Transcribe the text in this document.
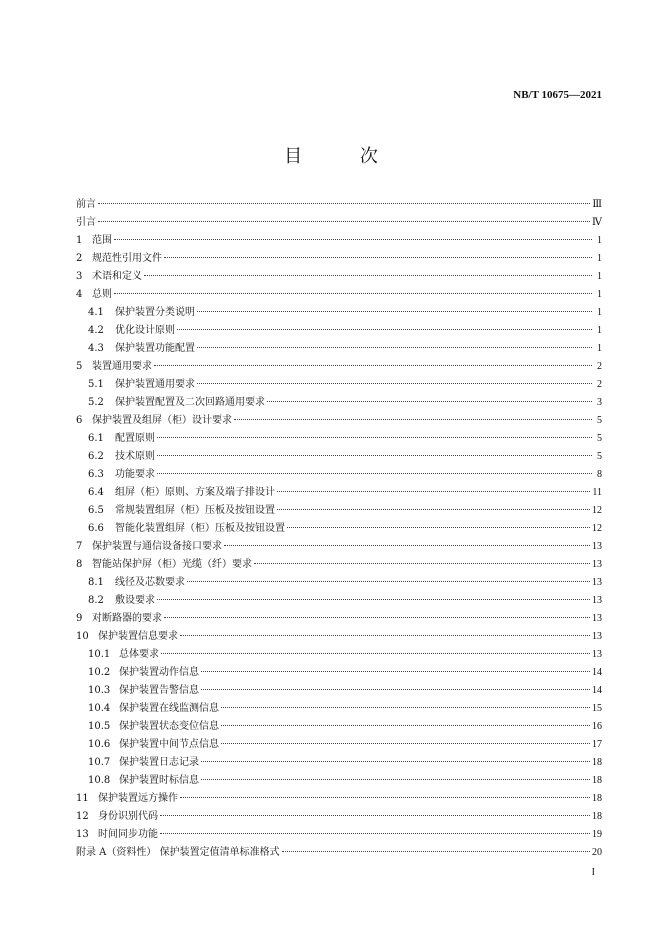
NB/T 10675—2021
目 次
前言	Ⅲ
引言	Ⅳ
1 范围	1
2 规范性引用文件	1
3 术语和定义	1
4 总则	1
4.1	保护装置分类说明	1
4.2	优化设计原则	1
4.3	保护装置功能配置	1
5 装置通用要求	2
5.1	保护装置通用要求	2
5.2	保护装置配置及二次回路通用要求	3
6 保护装置及组屏（柜）设计要求	5
6.1	配置原则	5
6.2	技术原则	5
6.3	功能要求	8
6.4	组屏（柜）原则、方案及端子排设计	11
6.5	常规装置组屏（柜）压板及按钮设置	12
6.6	智能化装置组屏（柜）压板及按钮设置	12
7 保护装置与通信设备接口要求	13
8 智能站保护屏（柜）光缆（纤）要求	13
8.1	线径及芯数要求	13
8.2	敷设要求	13
9 对断路器的要求	13
10 保护装置信息要求	13
10.1 总体要求	13
10.2 保护装置动作信息	14
10.3 保护装置告警信息	14
10.4 保护装置在线监测信息	15
10.5 保护装置状态变位信息	16
10.6 保护装置中间节点信息	17
10.7 保护装置日志记录	18
10.8 保护装置时标信息	18
11 保护装置远方操作	18
12 身份识别代码	18
13 时间同步功能	19
附录 A（资料性） 保护装置定值清单标准格式	20
I
